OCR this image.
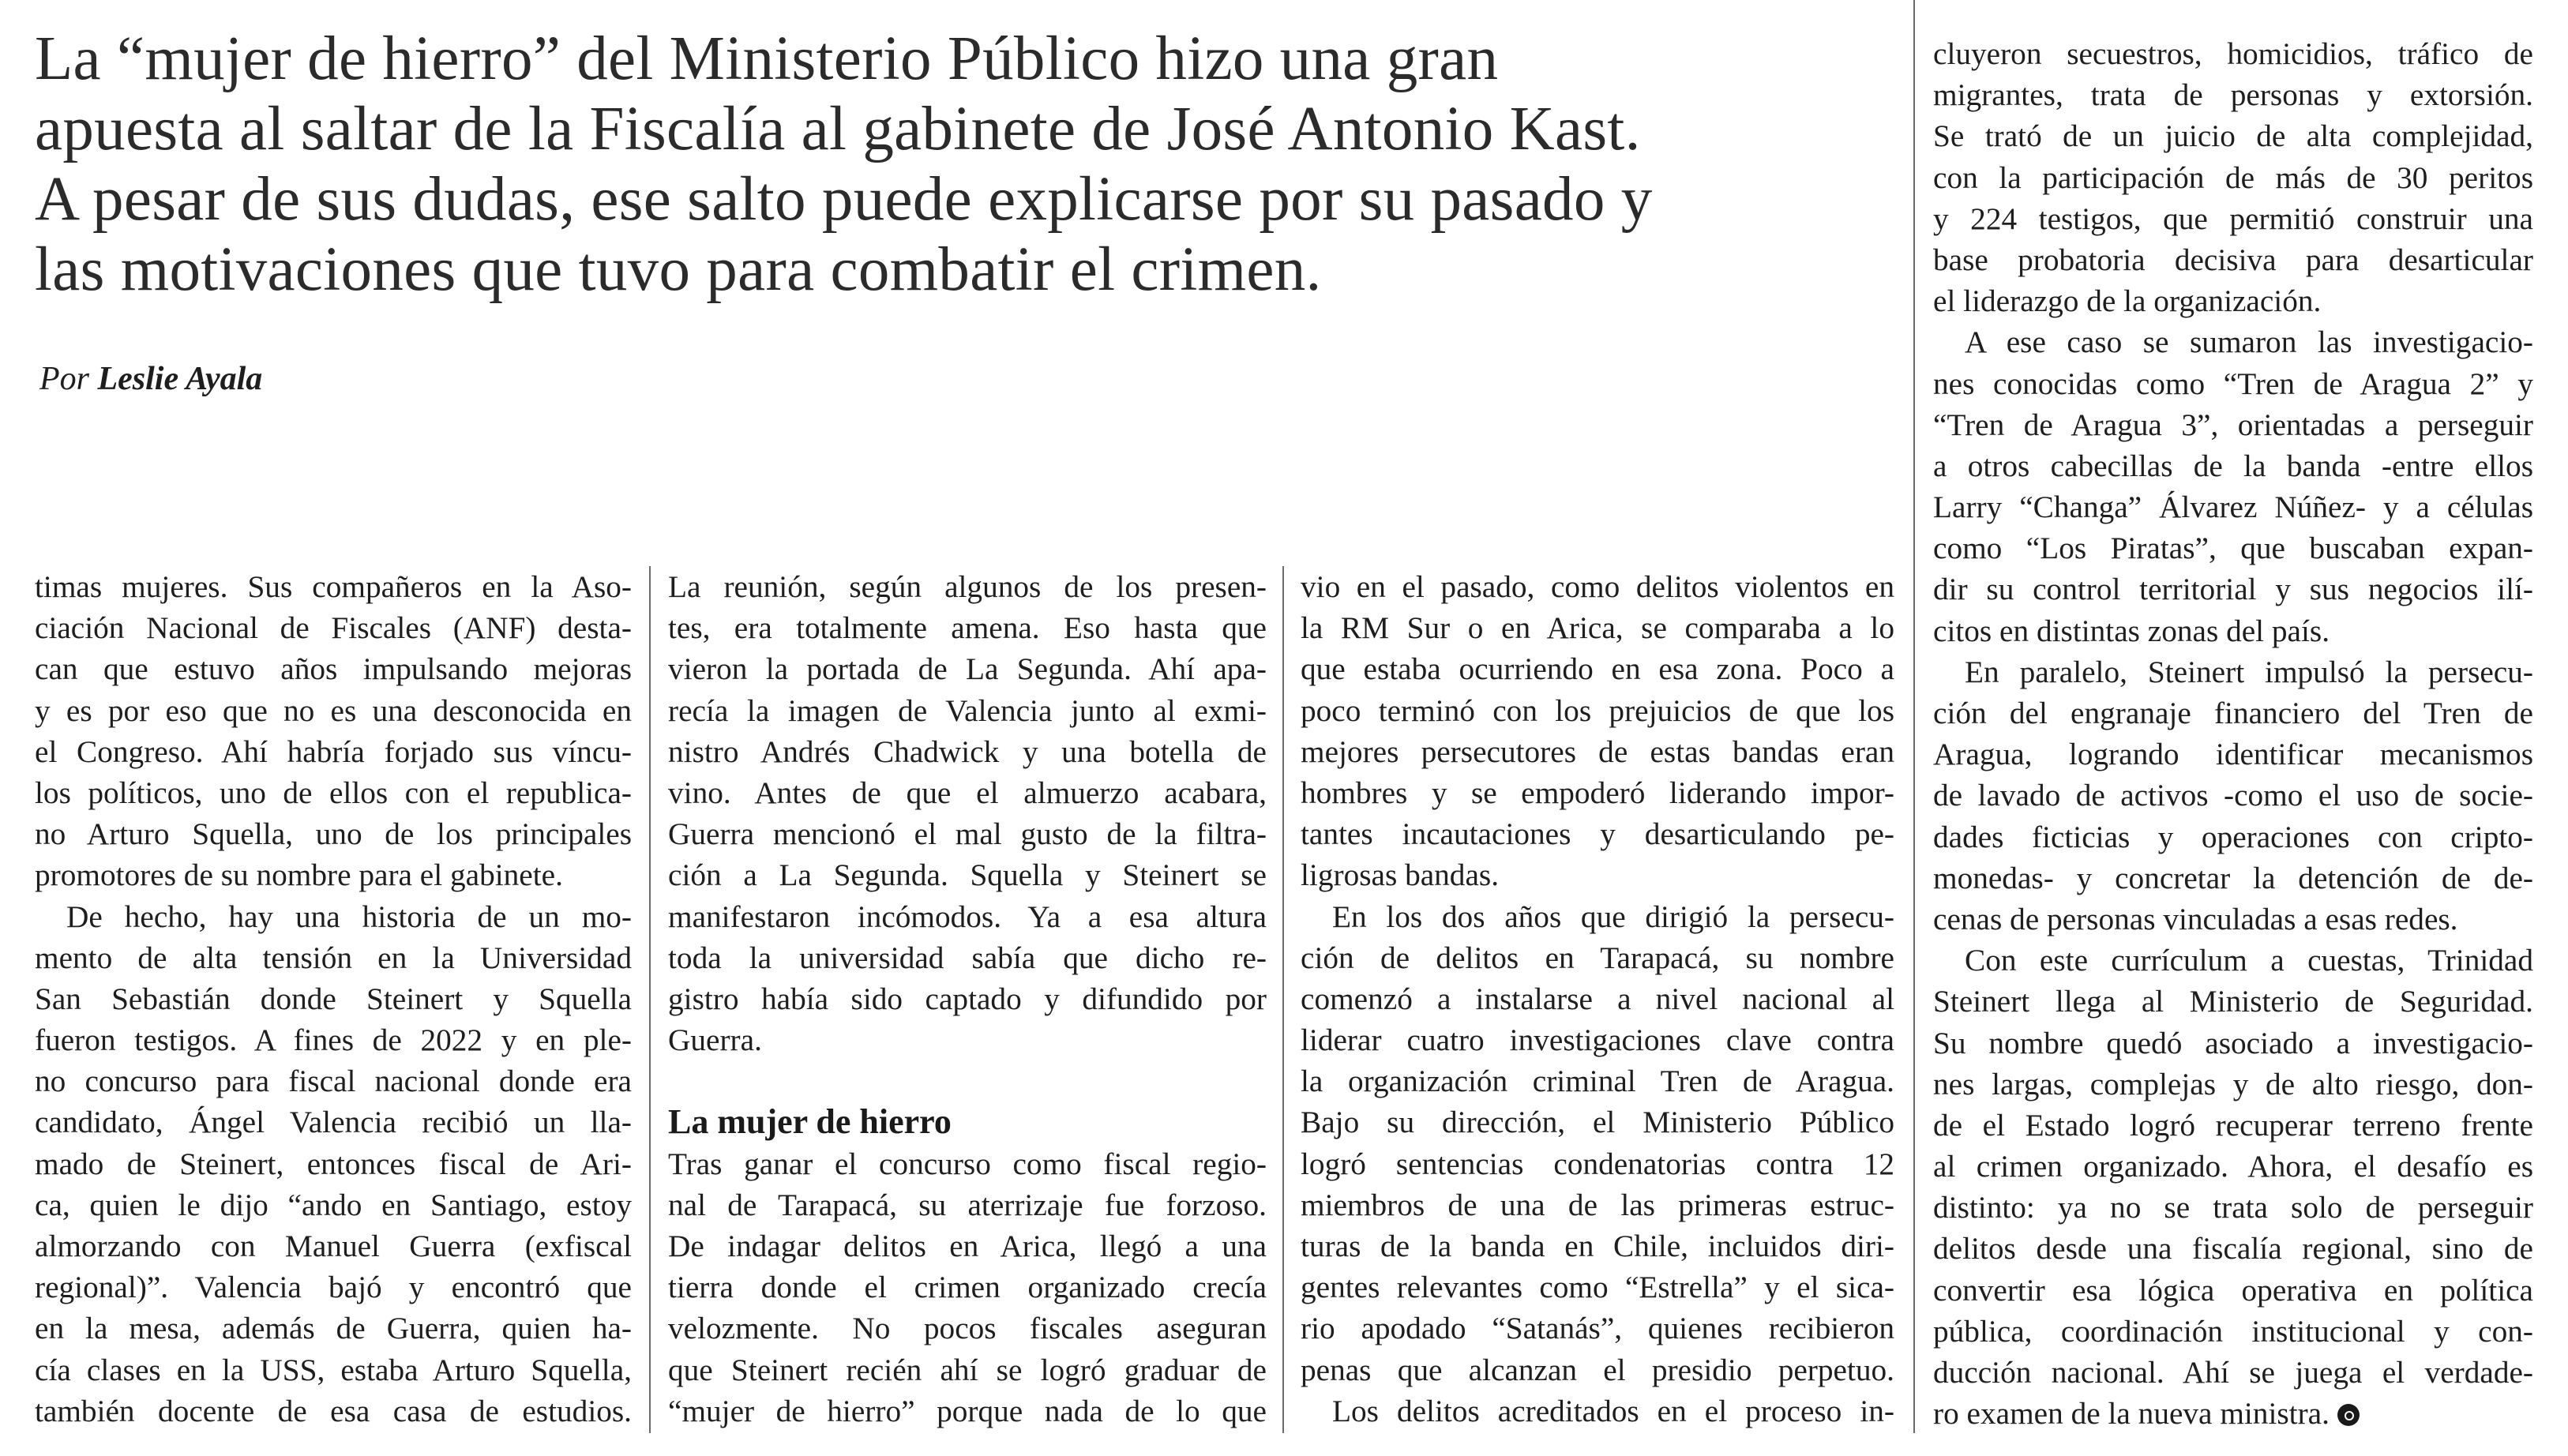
La “mujer de hierro” del Ministerio Público hizo una gran
apuesta al saltar de la Fiscalía al gabinete de José Antonio Kast.
A pesar de sus dudas, ese salto puede explicarse por su pasado y
las motivaciones que tuvo para combatir el crimen.
Por Leslie Ayala
timas mujeres. Sus compañeros en la Aso-
ciación Nacional de Fiscales (ANF) desta-
can que estuvo años impulsando mejoras
y es por eso que no es una desconocida en
el Congreso. Ahí habría forjado sus víncu-
los políticos, uno de ellos con el republica-
no Arturo Squella, uno de los principales
promotores de su nombre para el gabinete.
De hecho, hay una historia de un mo-
mento de alta tensión en la Universidad
San Sebastián donde Steinert y Squella
fueron testigos. A fines de 2022 y en ple-
no concurso para fiscal nacional donde era
candidato, Ángel Valencia recibió un lla-
mado de Steinert, entonces fiscal de Ari-
ca, quien le dijo “ando en Santiago, estoy
almorzando con Manuel Guerra (exfiscal
regional)”. Valencia bajó y encontró que
en la mesa, además de Guerra, quien ha-
cía clases en la USS, estaba Arturo Squella,
también docente de esa casa de estudios.
La reunión, según algunos de los presen-
tes, era totalmente amena. Eso hasta que
vieron la portada de La Segunda. Ahí apa-
recía la imagen de Valencia junto al exmi-
nistro Andrés Chadwick y una botella de
vino. Antes de que el almuerzo acabara,
Guerra mencionó el mal gusto de la filtra-
ción a La Segunda. Squella y Steinert se
manifestaron incómodos. Ya a esa altura
toda la universidad sabía que dicho re-
gistro había sido captado y difundido por
Guerra.
La mujer de hierro
Tras ganar el concurso como fiscal regio-
nal de Tarapacá, su aterrizaje fue forzoso.
De indagar delitos en Arica, llegó a una
tierra donde el crimen organizado crecía
velozmente. No pocos fiscales aseguran
que Steinert recién ahí se logró graduar de
“mujer de hierro” porque nada de lo que
vio en el pasado, como delitos violentos en
la RM Sur o en Arica, se comparaba a lo
que estaba ocurriendo en esa zona. Poco a
poco terminó con los prejuicios de que los
mejores persecutores de estas bandas eran
hombres y se empoderó liderando impor-
tantes incautaciones y desarticulando pe-
ligrosas bandas.
En los dos años que dirigió la persecu-
ción de delitos en Tarapacá, su nombre
comenzó a instalarse a nivel nacional al
liderar cuatro investigaciones clave contra
la organización criminal Tren de Aragua.
Bajo su dirección, el Ministerio Público
logró sentencias condenatorias contra 12
miembros de una de las primeras estruc-
turas de la banda en Chile, incluidos diri-
gentes relevantes como “Estrella” y el sica-
rio apodado “Satanás”, quienes recibieron
penas que alcanzan el presidio perpetuo.
Los delitos acreditados en el proceso in-
cluyeron secuestros, homicidios, tráfico de
migrantes, trata de personas y extorsión.
Se trató de un juicio de alta complejidad,
con la participación de más de 30 peritos
y 224 testigos, que permitió construir una
base probatoria decisiva para desarticular
el liderazgo de la organización.
A ese caso se sumaron las investigacio-
nes conocidas como “Tren de Aragua 2” y
“Tren de Aragua 3”, orientadas a perseguir
a otros cabecillas de la banda -entre ellos
Larry “Changa” Álvarez Núñez- y a células
como “Los Piratas”, que buscaban expan-
dir su control territorial y sus negocios ilí-
citos en distintas zonas del país.
En paralelo, Steinert impulsó la persecu-
ción del engranaje financiero del Tren de
Aragua, logrando identificar mecanismos
de lavado de activos -como el uso de socie-
dades ficticias y operaciones con cripto-
monedas- y concretar la detención de de-
cenas de personas vinculadas a esas redes.
Con este currículum a cuestas, Trinidad
Steinert llega al Ministerio de Seguridad.
Su nombre quedó asociado a investigacio-
nes largas, complejas y de alto riesgo, don-
de el Estado logró recuperar terreno frente
al crimen organizado. Ahora, el desafío es
distinto: ya no se trata solo de perseguir
delitos desde una fiscalía regional, sino de
convertir esa lógica operativa en política
pública, coordinación institucional y con-
ducción nacional. Ahí se juega el verdade-
ro examen de la nueva ministra.
